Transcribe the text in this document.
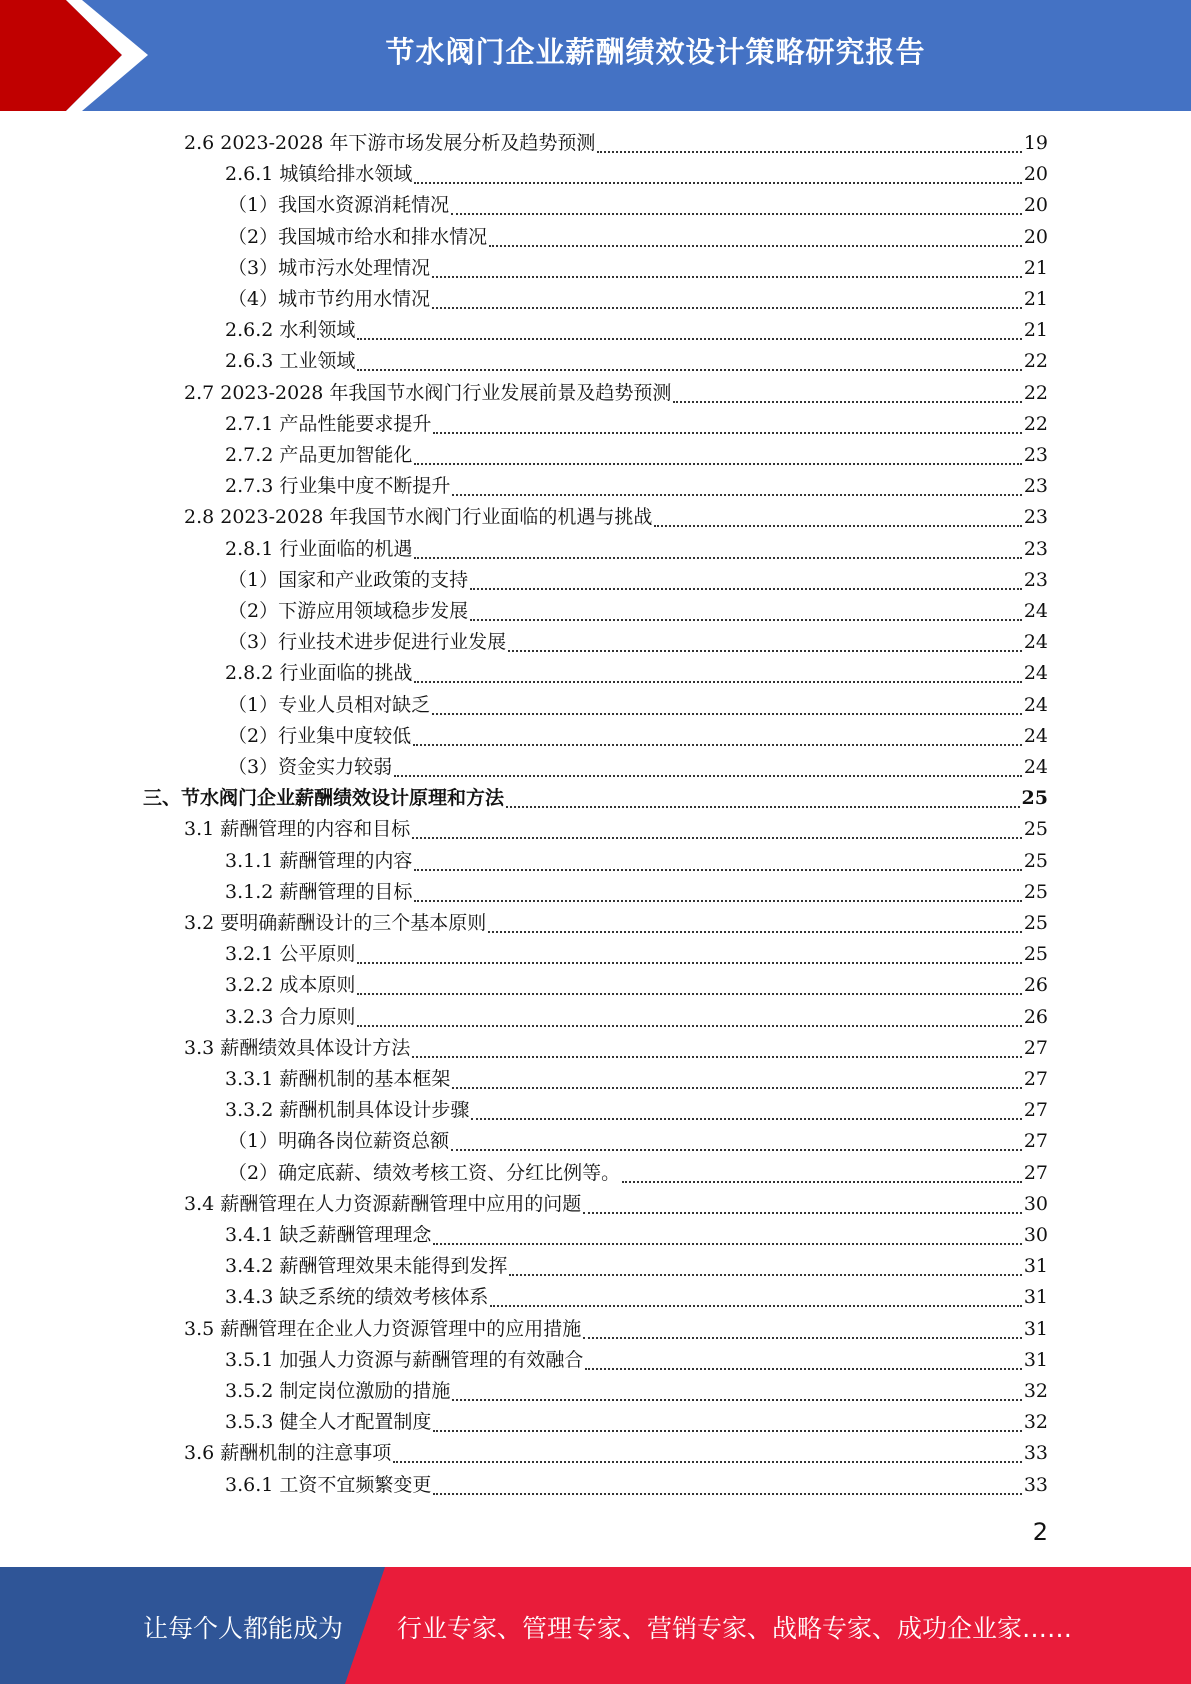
节水阀门企业薪酬绩效设计策略研究报告
2.6 2023-2028 年下游市场发展分析及趋势预测	19
2.6.1 城镇给排水领域	20
（1）我国水资源消耗情况	20
（2）我国城市给水和排水情况	20
（3）城市污水处理情况	21
（4）城市节约用水情况	21
2.6.2 水利领域	21
2.6.3 工业领域	22
2.7 2023-2028 年我国节水阀门行业发展前景及趋势预测	22
2.7.1 产品性能要求提升	22
2.7.2 产品更加智能化	23
2.7.3 行业集中度不断提升	23
2.8 2023-2028 年我国节水阀门行业面临的机遇与挑战	23
2.8.1 行业面临的机遇	23
（1）国家和产业政策的支持	23
（2）下游应用领域稳步发展	24
（3）行业技术进步促进行业发展	24
2.8.2 行业面临的挑战	24
（1）专业人员相对缺乏	24
（2）行业集中度较低	24
（3）资金实力较弱	24
三、节水阀门企业薪酬绩效设计原理和方法	25
3.1 薪酬管理的内容和目标	25
3.1.1 薪酬管理的内容	25
3.1.2 薪酬管理的目标	25
3.2 要明确薪酬设计的三个基本原则	25
3.2.1 公平原则	25
3.2.2 成本原则	26
3.2.3 合力原则	26
3.3 薪酬绩效具体设计方法	27
3.3.1 薪酬机制的基本框架	27
3.3.2 薪酬机制具体设计步骤	27
（1）明确各岗位薪资总额	27
（2）确定底薪、绩效考核工资、分红比例等。	27
3.4 薪酬管理在人力资源薪酬管理中应用的问题	30
3.4.1 缺乏薪酬管理理念	30
3.4.2 薪酬管理效果未能得到发挥	31
3.4.3 缺乏系统的绩效考核体系	31
3.5 薪酬管理在企业人力资源管理中的应用措施	31
3.5.1 加强人力资源与薪酬管理的有效融合	31
3.5.2 制定岗位激励的措施	32
3.5.3 健全人才配置制度	32
3.6 薪酬机制的注意事项	33
3.6.1 工资不宜频繁变更	33
2
让每个人都能成为 行业专家、管理专家、营销专家、战略专家、成功企业家……
